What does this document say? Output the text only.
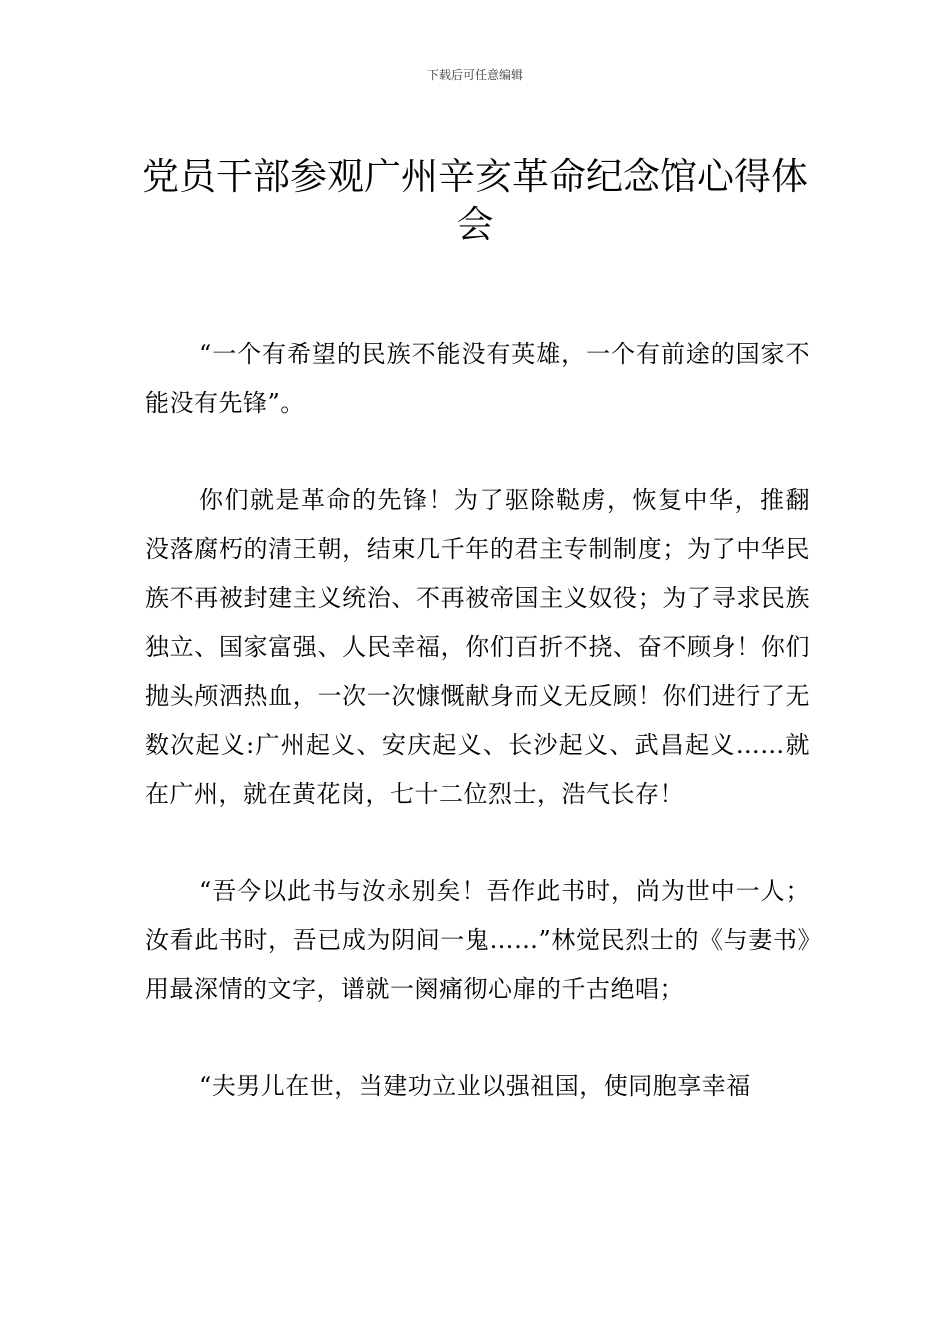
下载后可任意编辑
党员干部参观广州辛亥革命纪念馆心得体会

“一个有希望的民族不能没有英雄，一个有前途的国家不能没有先锋”。

你们就是革命的先锋！为了驱除鞑虏，恢复中华，推翻没落腐朽的清王朝，结束几千年的君主专制制度；为了中华民族不再被封建主义统治、不再被帝国主义奴役；为了寻求民族独立、国家富强、人民幸福，你们百折不挠、奋不顾身！你们抛头颅洒热血，一次一次慷慨献身而义无反顾！你们进行了无数次起义:广州起义、安庆起义、长沙起义、武昌起义……就在广州，就在黄花岗，七十二位烈士，浩气长存！

“吾今以此书与汝永别矣！吾作此书时，尚为世中一人；汝看此书时，吾已成为阴间一鬼……”林觉民烈士的《与妻书》用最深情的文字，谱就一阕痛彻心扉的千古绝唱；

“夫男儿在世，当建功立业以强祖国，使同胞享幸福
